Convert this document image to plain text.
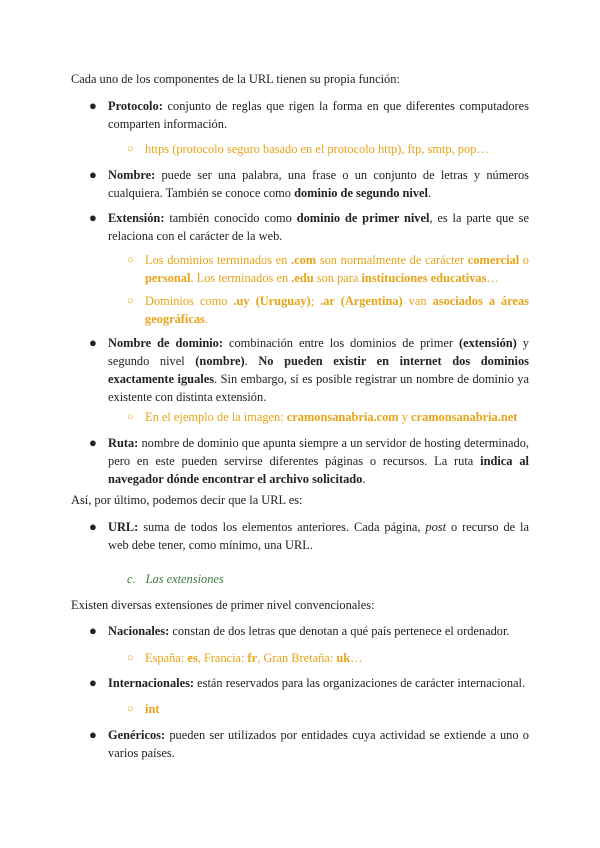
Cada uno de los componentes de la URL tienen su propia función:

● Protocolo: conjunto de reglas que rigen la forma en que diferentes computadores comparten información.
○ https (protocolo seguro basado en el protocolo http), ftp, smtp, pop…
● Nombre: puede ser una palabra, una frase o un conjunto de letras y números cualquiera. También se conoce como dominio de segundo nivel.
● Extensión: también conocido como dominio de primer nivel, es la parte que se relaciona con el carácter de la web.
○ Los dominios terminados en .com son normalmente de carácter comercial o personal. Los terminados en .edu son para instituciones educativas…
○ Dominios como .uy (Uruguay); .ar (Argentina) van asociados a áreas geográficas.
● Nombre de dominio: combinación entre los dominios de primer (extensión) y segundo nivel (nombre). No pueden existir en internet dos dominios exactamente iguales. Sin embargo, sí es posible registrar un nombre de dominio ya existente con distinta extensión.
○ En el ejemplo de la imagen: cramonsanabria.com y cramonsanabria.net
● Ruta: nombre de dominio que apunta siempre a un servidor de hosting determinado, pero en este pueden servirse diferentes páginas o recursos. La ruta indica al navegador dónde encontrar el archivo solicitado.

Así, por último, podemos decir que la URL es:

● URL: suma de todos los elementos anteriores. Cada página, post o recurso de la web debe tener, como mínimo, una URL.
c. Las extensiones

Existen diversas extensiones de primer nivel convencionales:

● Nacionales: constan de dos letras que denotan a qué país pertenece el ordenador.
○ España: es, Francia: fr, Gran Bretaña: uk…
● Internacionales: están reservados para las organizaciones de carácter internacional.
○ int
● Genéricos: pueden ser utilizados por entidades cuya actividad se extiende a uno o varios países.
